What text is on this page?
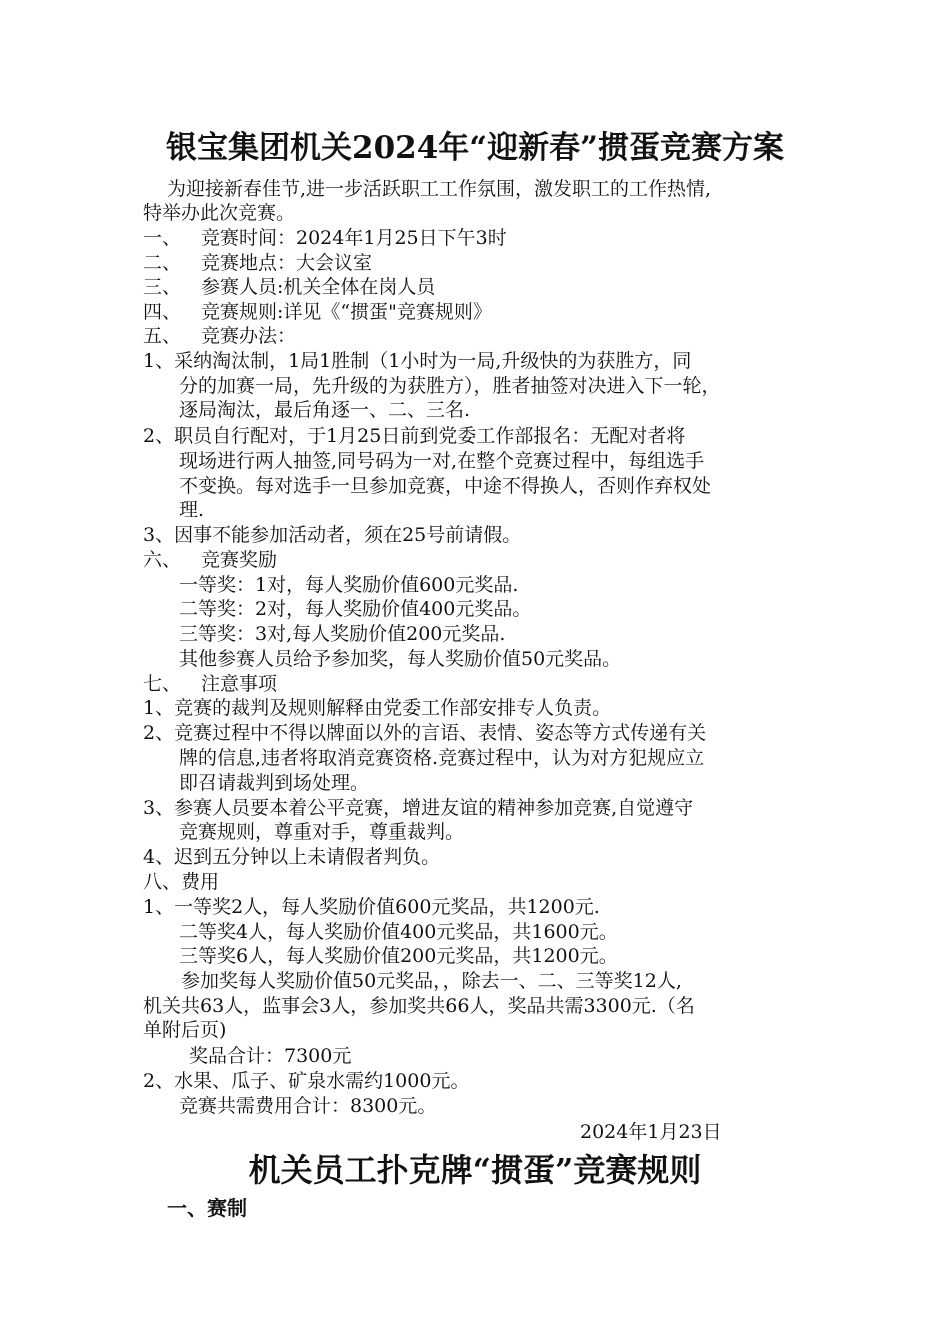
银宝集团机关2024年“迎新春”掼蛋竞赛方案
为迎接新春佳节,进一步活跃职工工作氛围，激发职工的工作热情,
特举办此次竞赛。
一、 竞赛时间：2024年1月25日下午3时
二、 竞赛地点：大会议室
三、 参赛人员:机关全体在岗人员
四、 竞赛规则:详见《“掼蛋"竞赛规则》
五、 竞赛办法：
1、采纳淘汰制，1局1胜制（1小时为一局,升级快的为获胜方，同
分的加赛一局，先升级的为获胜方），胜者抽签对决进入下一轮，
逐局淘汰，最后角逐一、二、三名.
2、职员自行配对，于1月25日前到党委工作部报名：无配对者将
现场进行两人抽签,同号码为一对,在整个竞赛过程中，每组选手
不变换。每对选手一旦参加竞赛，中途不得换人，否则作弃权处
理.
3、因事不能参加活动者，须在25号前请假。
六、 竞赛奖励
一等奖：1对，每人奖励价值600元奖品.
二等奖：2对，每人奖励价值400元奖品。
三等奖：3对,每人奖励价值200元奖品.
其他参赛人员给予参加奖，每人奖励价值50元奖品。
七、 注意事项
1、竞赛的裁判及规则解释由党委工作部安排专人负责。
2、竞赛过程中不得以牌面以外的言语、表情、姿态等方式传递有关
牌的信息,违者将取消竞赛资格.竞赛过程中，认为对方犯规应立
即召请裁判到场处理。
3、参赛人员要本着公平竞赛，增进友谊的精神参加竞赛,自觉遵守
竞赛规则，尊重对手，尊重裁判。
4、迟到五分钟以上未请假者判负。
八、费用
1、一等奖2人，每人奖励价值600元奖品，共1200元.
二等奖4人，每人奖励价值400元奖品，共1600元。
三等奖6人，每人奖励价值200元奖品，共1200元。
参加奖每人奖励价值50元奖品，，除去一、二、三等奖12人,
机关共63人，监事会3人，参加奖共66人，奖品共需3300元.（名
单附后页)
奖品合计：7300元
2、水果、瓜子、矿泉水需约1000元。
竞赛共需费用合计：8300元。
2024年1月23日
机关员工扑克牌“掼蛋”竞赛规则
一、赛制
